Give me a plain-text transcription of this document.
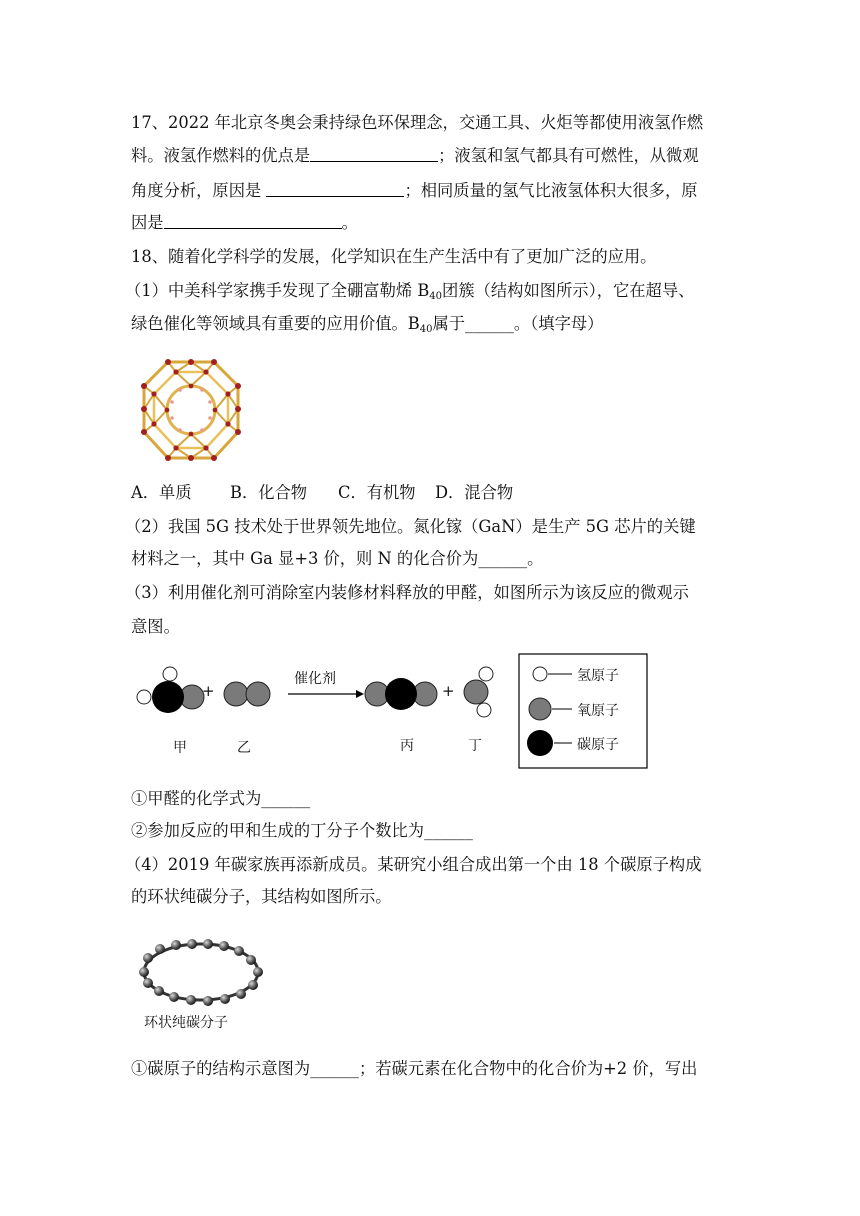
17、2022 年北京冬奥会秉持绿色环保理念，交通工具、火炬等都使用液氢作燃
料。液氢作燃料的优点是	；液氢和氢气都具有可燃性，从微观
角度分析，原因是	；相同质量的氢气比液氢体积大很多，原
因是	。
18、随着化学科学的发展，化学知识在生产生活中有了更加广泛的应用。
（1）中美科学家携手发现了全硼富勒烯 $B_{40}$团簇（结构如图所示），它在超导、
绿色催化等领域具有重要的应用价值。$B_{40}$属于______。（填字母）
A．单质 B．化合物 C．有机物 D．混合物
（2）我国 5G 技术处于世界领先地位。氮化镓（GaN）是生产 5G 芯片的关键
材料之一，其中 Ga 显+3 价，则 N 的化合价为______。
（3）利用催化剂可消除室内装修材料释放的甲醛，如图所示为该反应的微观示
意图。
+	+
催化剂
甲	乙	丙	丁
氢原子
氧原子
碳原子
①甲醛的化学式为______
②参加反应的甲和生成的丁分子个数比为______
（4）2019 年碳家族再添新成员。某研究小组合成出第一个由 18 个碳原子构成
的环状纯碳分子，其结构如图所示。
环状纯碳分子
①碳原子的结构示意图为______；若碳元素在化合物中的化合价为+2 价，写出
